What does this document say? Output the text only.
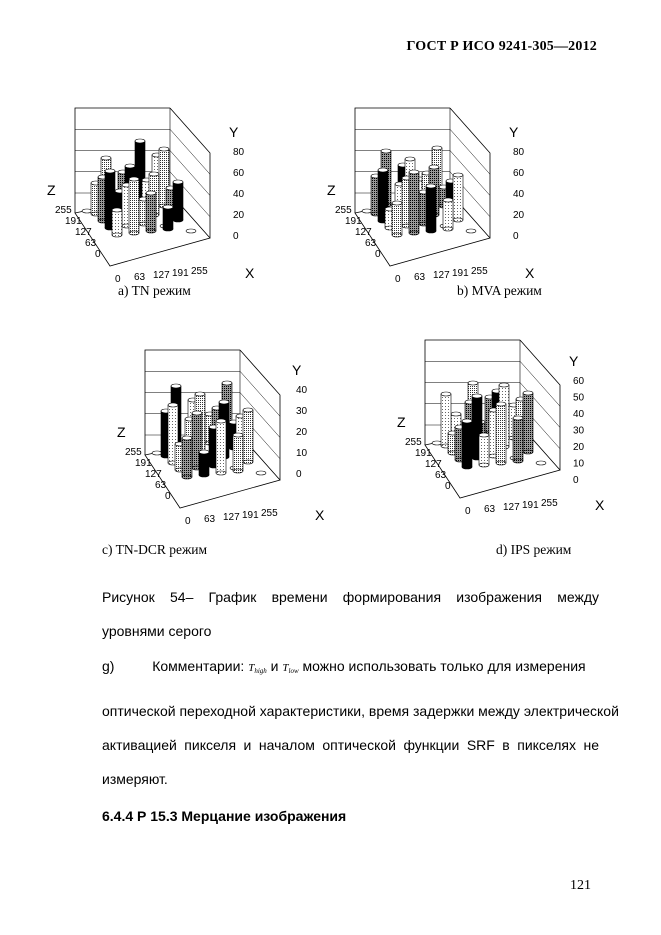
ГОСТ Р ИСО 9241-305—2012
Y
80
60
40
20
0
X
Z
255
191
127
63
0
0 63 127 191 255
Y
80
60
40
20
0
X
Z
255
191
127
63
0
0 63 127 191 255
Y
40
30
20
10
0
X
Z
255
191
127
63
0
0 63 127 191 255
Y
60
50
40
30
20
10
0
X
Z
255
191
127
63
0
0 63 127 191 255
a) TN режим	b) MVA режим
c) TN-DCR режим	d) IPS режим
Рисунок 54– График времени формирования изображения между
уровнями серого
g)	Комментарии: Thigh и Tlow можно использовать только для измерения
оптической переходной характеристики, время задержки между электрической
активацией пикселя и началом оптической функции SRF в пикселях не
измеряют.
6.4.4 Р 15.3 Мерцание изображения
121
